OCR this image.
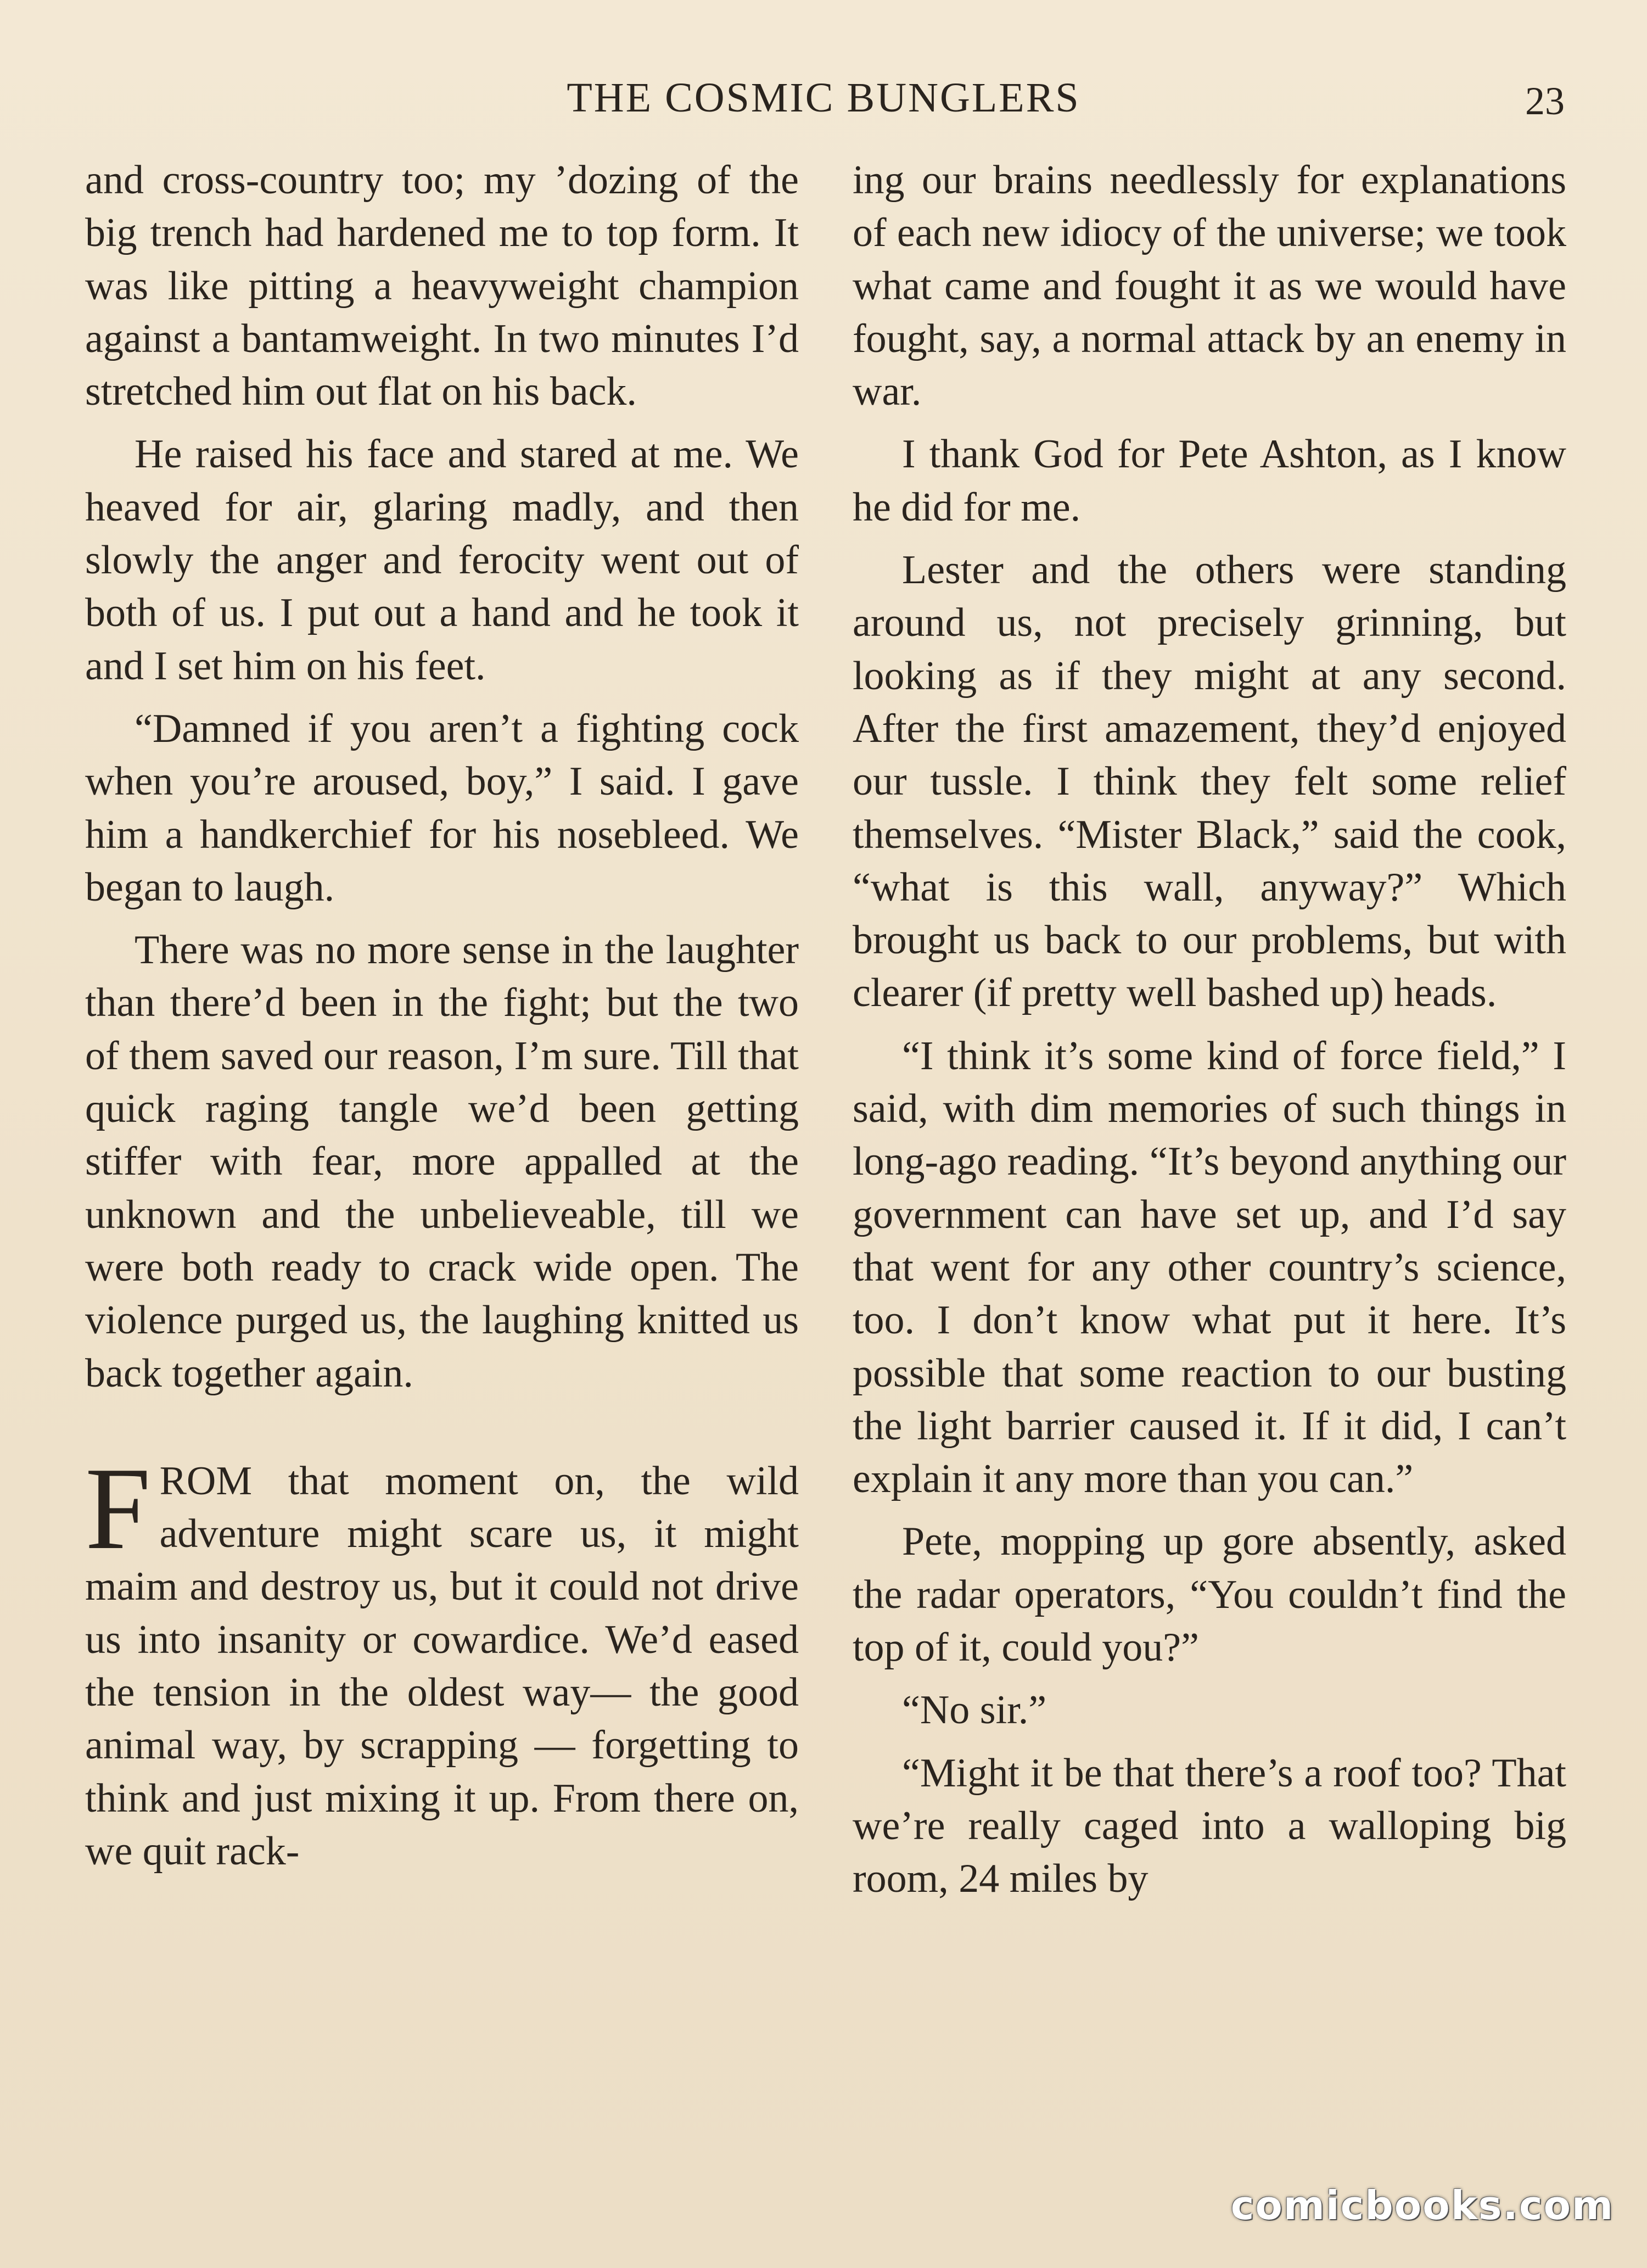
THE COSMIC BUNGLERS	23

and cross-country too; my ’dozing of the big trench had hardened me to top form. It was like pitting a heavyweight champion against a bantamweight. In two minutes I’d stretched him out flat on his back.

He raised his face and stared at me. We heaved for air, glaring madly, and then slowly the anger and ferocity went out of both of us. I put out a hand and he took it and I set him on his feet.

“Damned if you aren’t a fighting cock when you’re aroused, boy,” I said. I gave him a handkerchief for his nosebleed. We began to laugh.

There was no more sense in the laughter than there’d been in the fight; but the two of them saved our reason, I’m sure. Till that quick raging tangle we’d been getting stiffer with fear, more appalled at the unknown and the unbelieveable, till we were both ready to crack wide open. The violence purged us, the laughing knitted us back together again.

FROM that moment on, the wild adventure might scare us, it might maim and destroy us, but it could not drive us into insanity or cowardice. We’d eased the tension in the oldest way— the good animal way, by scrapping — forgetting to think and just mixing it up. From there on, we quit rack-

ing our brains needlessly for explanations of each new idiocy of the universe; we took what came and fought it as we would have fought, say, a normal attack by an enemy in war.

I thank God for Pete Ashton, as I know he did for me.

Lester and the others were standing around us, not precisely grinning, but looking as if they might at any second. After the first amazement, they’d enjoyed our tussle. I think they felt some relief themselves. “Mister Black,” said the cook, “what is this wall, anyway?” Which brought us back to our problems, but with clearer (if pretty well bashed up) heads.

“I think it’s some kind of force field,” I said, with dim memories of such things in long-ago reading. “It’s beyond anything our government can have set up, and I’d say that went for any other country’s science, too. I don’t know what put it here. It’s possible that some reaction to our busting the light barrier caused it. If it did, I can’t explain it any more than you can.”

Pete, mopping up gore absently, asked the radar operators, “You couldn’t find the top of it, could you?”

“No sir.”

“Might it be that there’s a roof too? That we’re really caged into a walloping big room, 24 miles by

comicbooks.com
